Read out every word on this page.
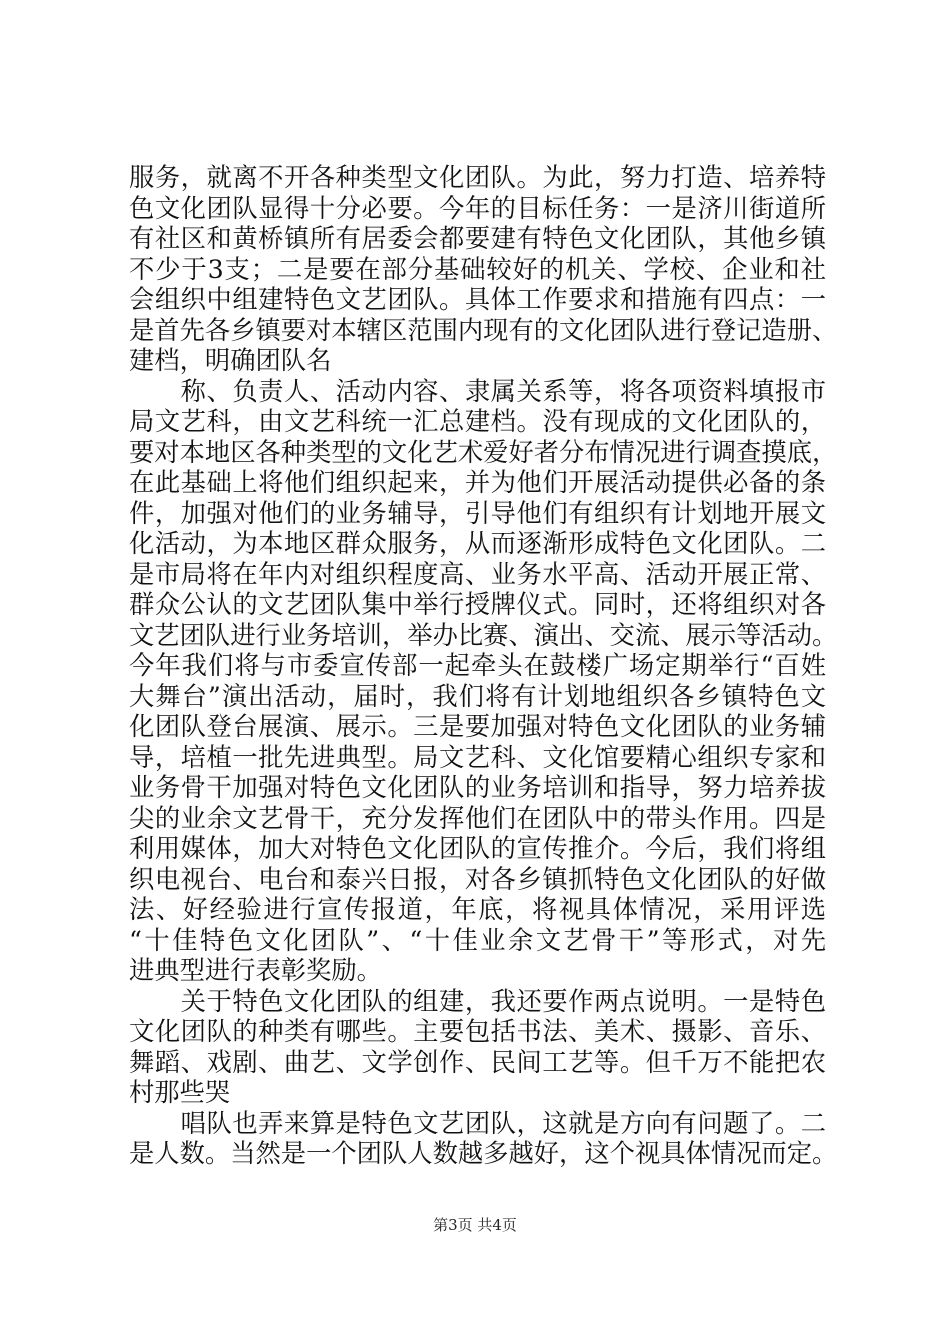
服务，就离不开各种类型文化团队。为此，努力打造、培养特
色文化团队显得十分必要。今年的目标任务：一是济川街道所
有社区和黄桥镇所有居委会都要建有特色文化团队，其他乡镇
不少于3支；二是要在部分基础较好的机关、学校、企业和社
会组织中组建特色文艺团队。具体工作要求和措施有四点：一
是首先各乡镇要对本辖区范围内现有的文化团队进行登记造册、
建档，明确团队名
　　称、负责人、活动内容、隶属关系等，将各项资料填报市
局文艺科，由文艺科统一汇总建档。没有现成的文化团队的，
要对本地区各种类型的文化艺术爱好者分布情况进行调查摸底，
在此基础上将他们组织起来，并为他们开展活动提供必备的条
件，加强对他们的业务辅导，引导他们有组织有计划地开展文
化活动，为本地区群众服务，从而逐渐形成特色文化团队。二
是市局将在年内对组织程度高、业务水平高、活动开展正常、
群众公认的文艺团队集中举行授牌仪式。同时，还将组织对各
文艺团队进行业务培训，举办比赛、演出、交流、展示等活动。
今年我们将与市委宣传部一起牵头在鼓楼广场定期举行“百姓
大舞台”演出活动，届时，我们将有计划地组织各乡镇特色文
化团队登台展演、展示。三是要加强对特色文化团队的业务辅
导，培植一批先进典型。局文艺科、文化馆要精心组织专家和
业务骨干加强对特色文化团队的业务培训和指导，努力培养拔
尖的业余文艺骨干，充分发挥他们在团队中的带头作用。四是
利用媒体，加大对特色文化团队的宣传推介。今后，我们将组
织电视台、电台和泰兴日报，对各乡镇抓特色文化团队的好做
法、好经验进行宣传报道，年底，将视具体情况，采用评选
“十佳特色文化团队”、“十佳业余文艺骨干”等形式，对先
进典型进行表彰奖励。
　　关于特色文化团队的组建，我还要作两点说明。一是特色
文化团队的种类有哪些。主要包括书法、美术、摄影、音乐、
舞蹈、戏剧、曲艺、文学创作、民间工艺等。但千万不能把农
村那些哭
　　唱队也弄来算是特色文艺团队，这就是方向有问题了。二
是人数。当然是一个团队人数越多越好，这个视具体情况而定。
第3页 共4页
